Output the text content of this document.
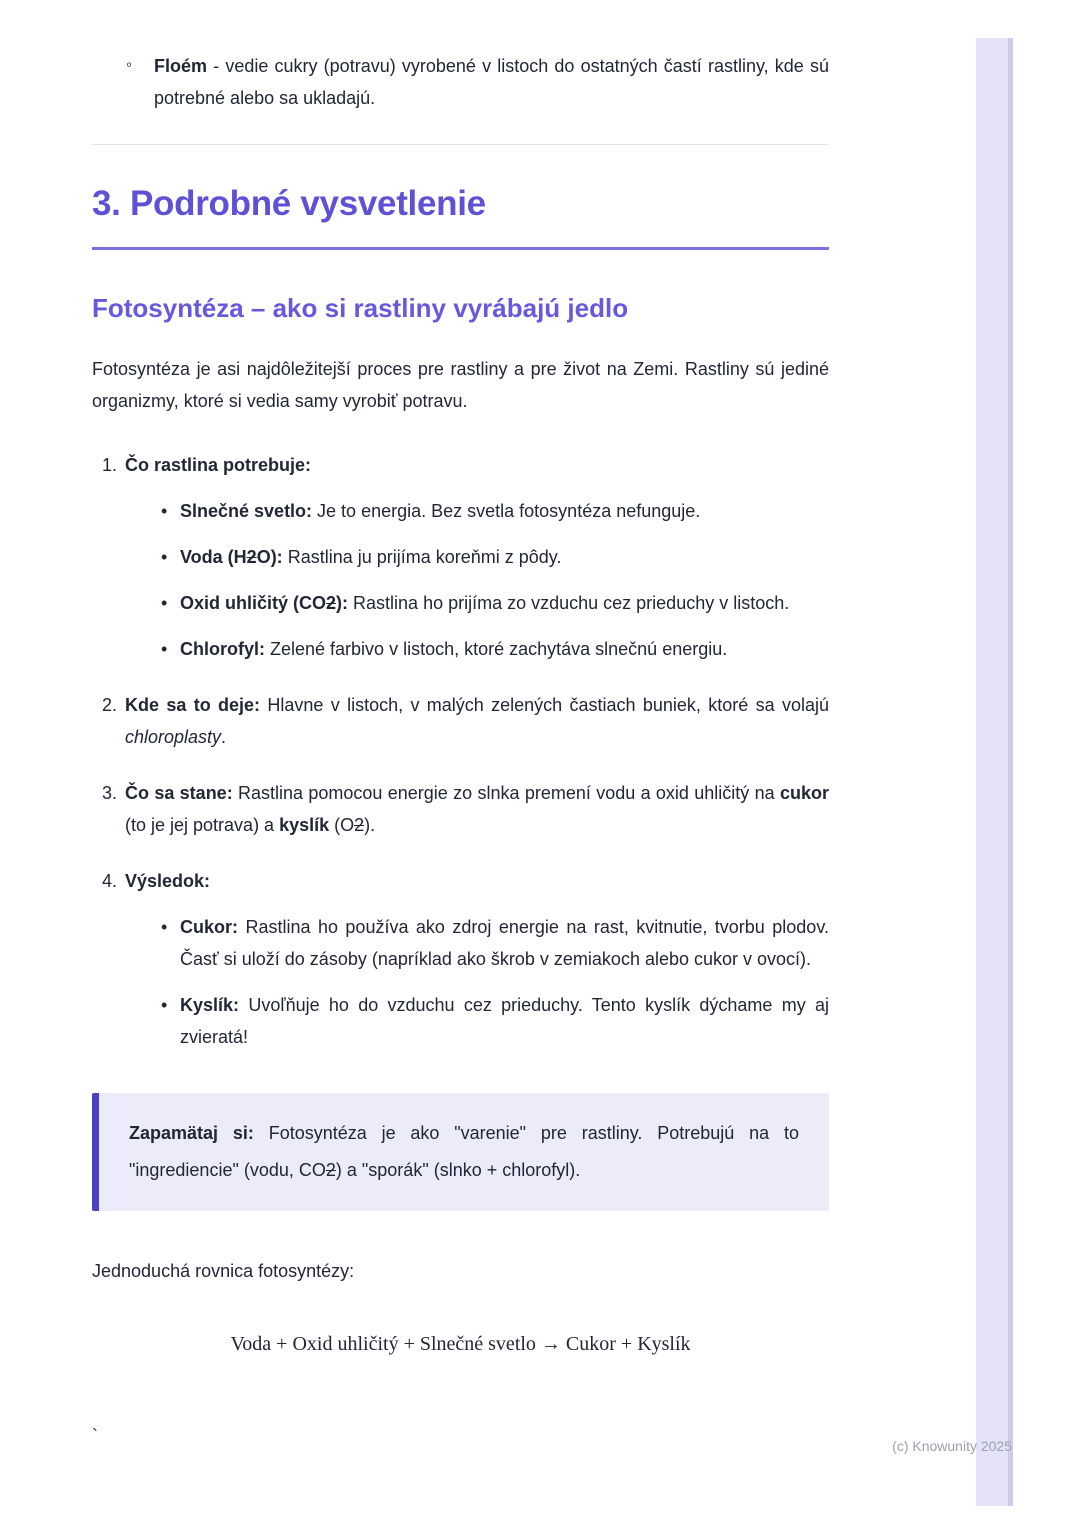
◦	Floém - vedie cukry (potravu) vyrobené v listoch do ostatných častí rastliny, kde sú potrebné alebo sa ukladajú.
3. Podrobné vysvetlenie
Fotosyntéza – ako si rastliny vyrábajú jedlo

Fotosyntéza je asi najdôležitejší proces pre rastliny a pre život na Zemi. Rastliny sú jediné organizmy, ktoré si vedia samy vyrobiť potravu.

1. Čo rastlina potrebuje:

• Slnečné svetlo: Je to energia. Bez svetla fotosyntéza nefunguje.
• Voda (H2O): Rastlina ju prijíma koreňmi z pôdy.
• Oxid uhličitý (CO2): Rastlina ho prijíma zo vzduchu cez prieduchy v listoch.
• Chlorofyl: Zelené farbivo v listoch, ktoré zachytáva slnečnú energiu.
2. Kde sa to deje: Hlavne v listoch, v malých zelených častiach buniek, ktoré sa volajú chloroplasty.
3. Čo sa stane: Rastlina pomocou energie zo slnka premení vodu a oxid uhličitý na cukor (to je jej potrava) a kyslík (O2).
4. Výsledok:

• Cukor: Rastlina ho používa ako zdroj energie na rast, kvitnutie, tvorbu plodov. Časť si uloží do zásoby (napríklad ako škrob v zemiakoch alebo cukor v ovocí).
• Kyslík: Uvoľňuje ho do vzduchu cez prieduchy. Tento kyslík dýchame my aj zvieratá!
Zapamätaj si: Fotosyntéza je ako "varenie" pre rastliny. Potrebujú na to "ingrediencie" (vodu, CO2) a "sporák" (slnko + chlorofyl).

Jednoduchá rovnica fotosyntézy:

Voda + Oxid uhličitý + Slnečné svetlo → Cukor + Kyslík

`	(c) Knowunity 2025
